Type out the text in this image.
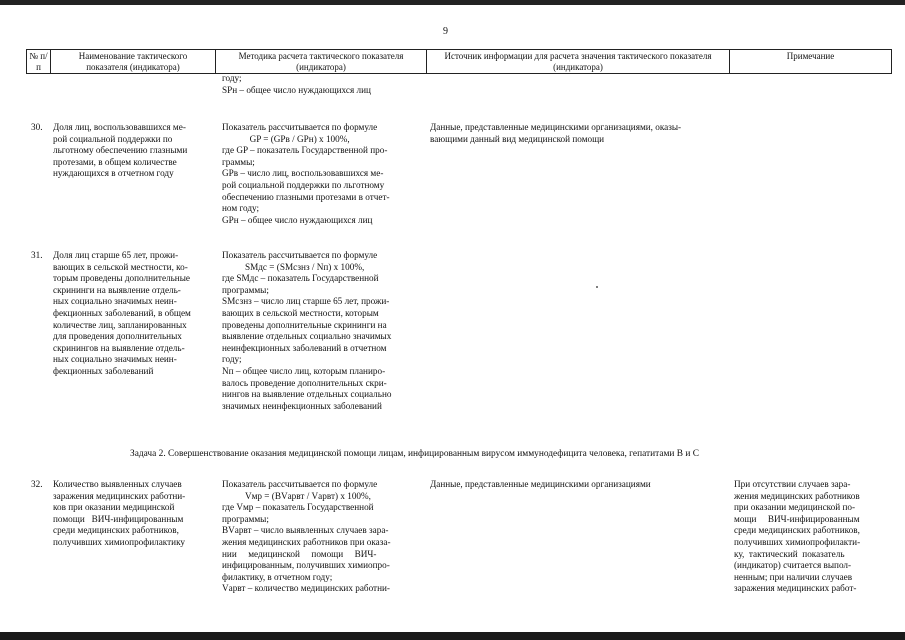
9
№ п/п
Наименование тактического показателя (индикатора)
Методика расчета тактического показателя (индикатора)
Источник информации для расчета значения тактического показателя (индикатора)
Примечание
году;
SPн – общее число нуждающихся лиц
30. Доля лиц, воспользовавшихся ме-
рой социальной поддержки по
льготному обеспечению глазными
протезами, в общем количестве
нуждающихся в отчетном году
Показатель рассчитывается по формуле
GP = (GPв / GPн) x 100%,
где GP – показатель Государственной про-
граммы;
GPв – число лиц, воспользовавшихся ме-
рой социальной поддержки по льготному
обеспечению глазными протезами в отчет-
ном году;
GPн – общее число нуждающихся лиц
Данные, представленные медицинскими организациями, оказы-
вающими данный вид медицинской помощи
31. Доля лиц старше 65 лет, прожи-
вающих в сельской местности, ко-
торым проведены дополнительные
скрининги на выявление отдель-
ных социально значимых неин-
фекционных заболеваний, в общем
количестве лиц, запланированных
для проведения дополнительных
скринингов на выявление отдель-
ных социально значимых неин-
фекционных заболеваний
Показатель рассчитывается по формуле
SMдс = (SMсзнз / Nп) x 100%,
где SMдс – показатель Государственной
программы;
SMсзнз – число лиц старше 65 лет, прожи-
вающих в сельской местности, которым
проведены дополнительные скрининги на
выявление отдельных социально значимых
неинфекционных заболеваний в отчетном
году;
Nп – общее число лиц, которым планиро-
валось проведение дополнительных скри-
нингов на выявление отдельных социально
значимых неинфекционных заболеваний
Задача 2. Совершенствование оказания медицинской помощи лицам, инфицированным вирусом иммунодефицита человека, гепатитами B и C
32. Количество выявленных случаев
заражения медицинских работни-
ков при оказании медицинской
помощи   ВИЧ-инфицированным
среди медицинских работников,
получивших химиопрофилактику
Показатель рассчитывается по формуле
Vмр = (BVарвт / Vарвт) x 100%,
где Vмр – показатель Государственной
программы;
BVарвт – число выявленных случаев зара-
жения медицинских работников при оказа-
нии     медицинской     помощи     ВИЧ-
инфицированным, получивших химиопро-
филактику, в отчетном году;
Vарвт – количество медицинских работни-
Данные, представленные медицинскими организациями	При отсутствии случаев зара-
жения медицинских работников
при оказании медицинской по-
мощи     ВИЧ-инфицированным
среди медицинских работников,
получивших химиопрофилакти-
ку,  тактический  показатель
(индикатор) считается выпол-
ненным; при наличии случаев
заражения медицинских работ-
